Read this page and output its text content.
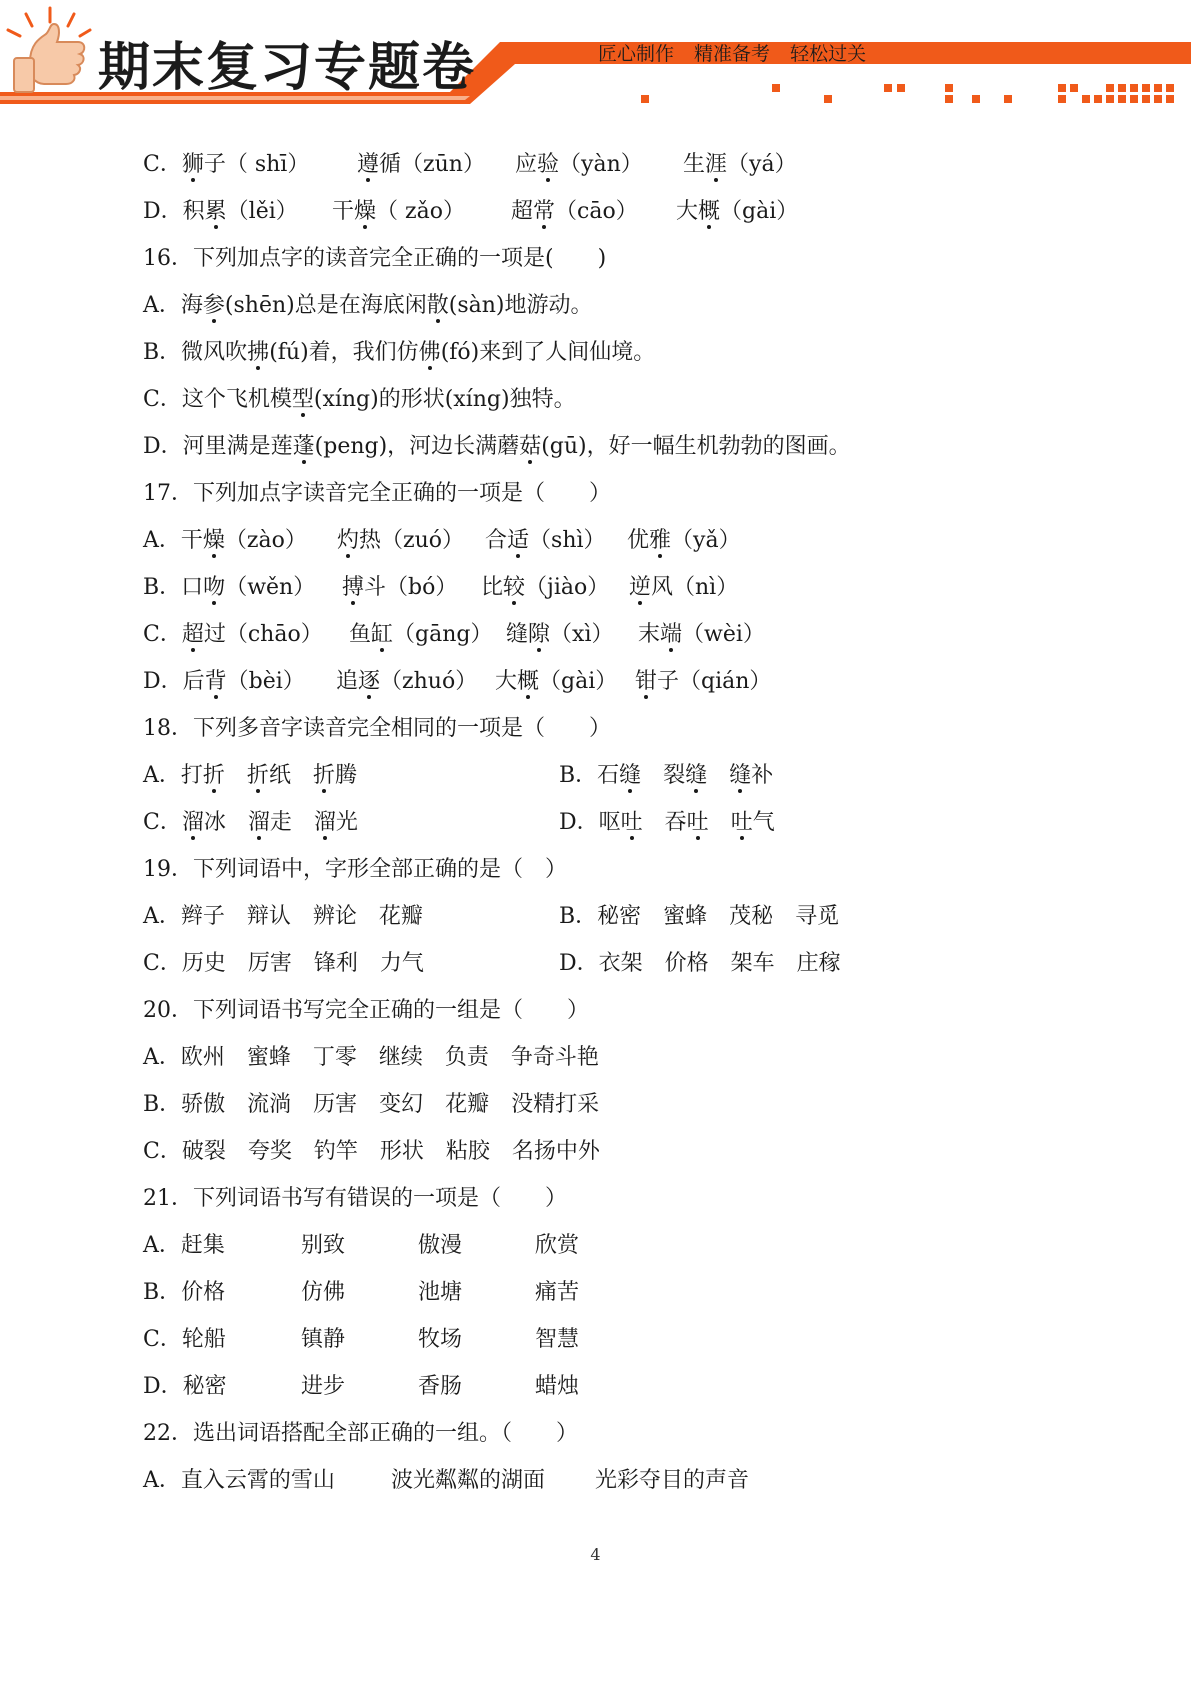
期末复习专题卷	匠心制作 精准备考 轻松过关
C．狮子（ shī） 遵循（zūn） 应验（yàn） 生涯（yá）
D．积累（lěi） 干燥（ zǎo） 超常（cāo） 大概（gài）
16．下列加点字的读音完全正确的一项是(　　)
A．海参(shēn)总是在海底闲散(sàn)地游动。
B．微风吹拂(fú)着，我们仿佛(fó)来到了人间仙境。
C．这个飞机模型(xíng)的形状(xíng)独特。
D．河里满是莲蓬(peng)，河边长满蘑菇(gū)，好一幅生机勃勃的图画。
17．下列加点字读音完全正确的一项是（　　）
A．干燥（zào） 灼热（zuó） 合适（shì） 优雅（yǎ）
B．口吻（wěn） 搏斗（bó） 比较（jiào） 逆风（nì）
C．超过（chāo） 鱼缸（gāng） 缝隙（xì） 末端（wèi）
D．后背（bèi） 追逐（zhuó） 大概（gài） 钳子（qián）
18．下列多音字读音完全相同的一项是（　　）
A．打折　 折纸　折腾	B．石缝　裂缝　 缝补
C．溜冰　溜走　溜光	D．呕吐　吞吐　 吐气
19．下列词语中，字形全部正确的是（　）
A．辫子　辩认　辨论　花瓣	B．秘密　蜜蜂　茂秘　寻觅
C．历史　厉害　锋利　力气	D．衣架　价格　架车　庄稼
20．下列词语书写完全正确的一组是（　　）
A．欧州　蜜蜂　丁零　继续　负责　争奇斗艳
B．骄傲　流淌　历害　变幻　花瓣　没精打采
C．破裂　夸奖　钓竿　形状　粘胶　名扬中外
21．下列词语书写有错误的一项是（　　）
A．赶集	别致	傲漫	欣赏
B．价格	仿佛	池塘	痛苦
C．轮船	镇静	牧场	智慧
D．秘密	进步	香肠	蜡烛
22．选出词语搭配全部正确的一组。（　　）
A．直入云霄的雪山	波光粼粼的湖面 光彩夺目的声音
4
